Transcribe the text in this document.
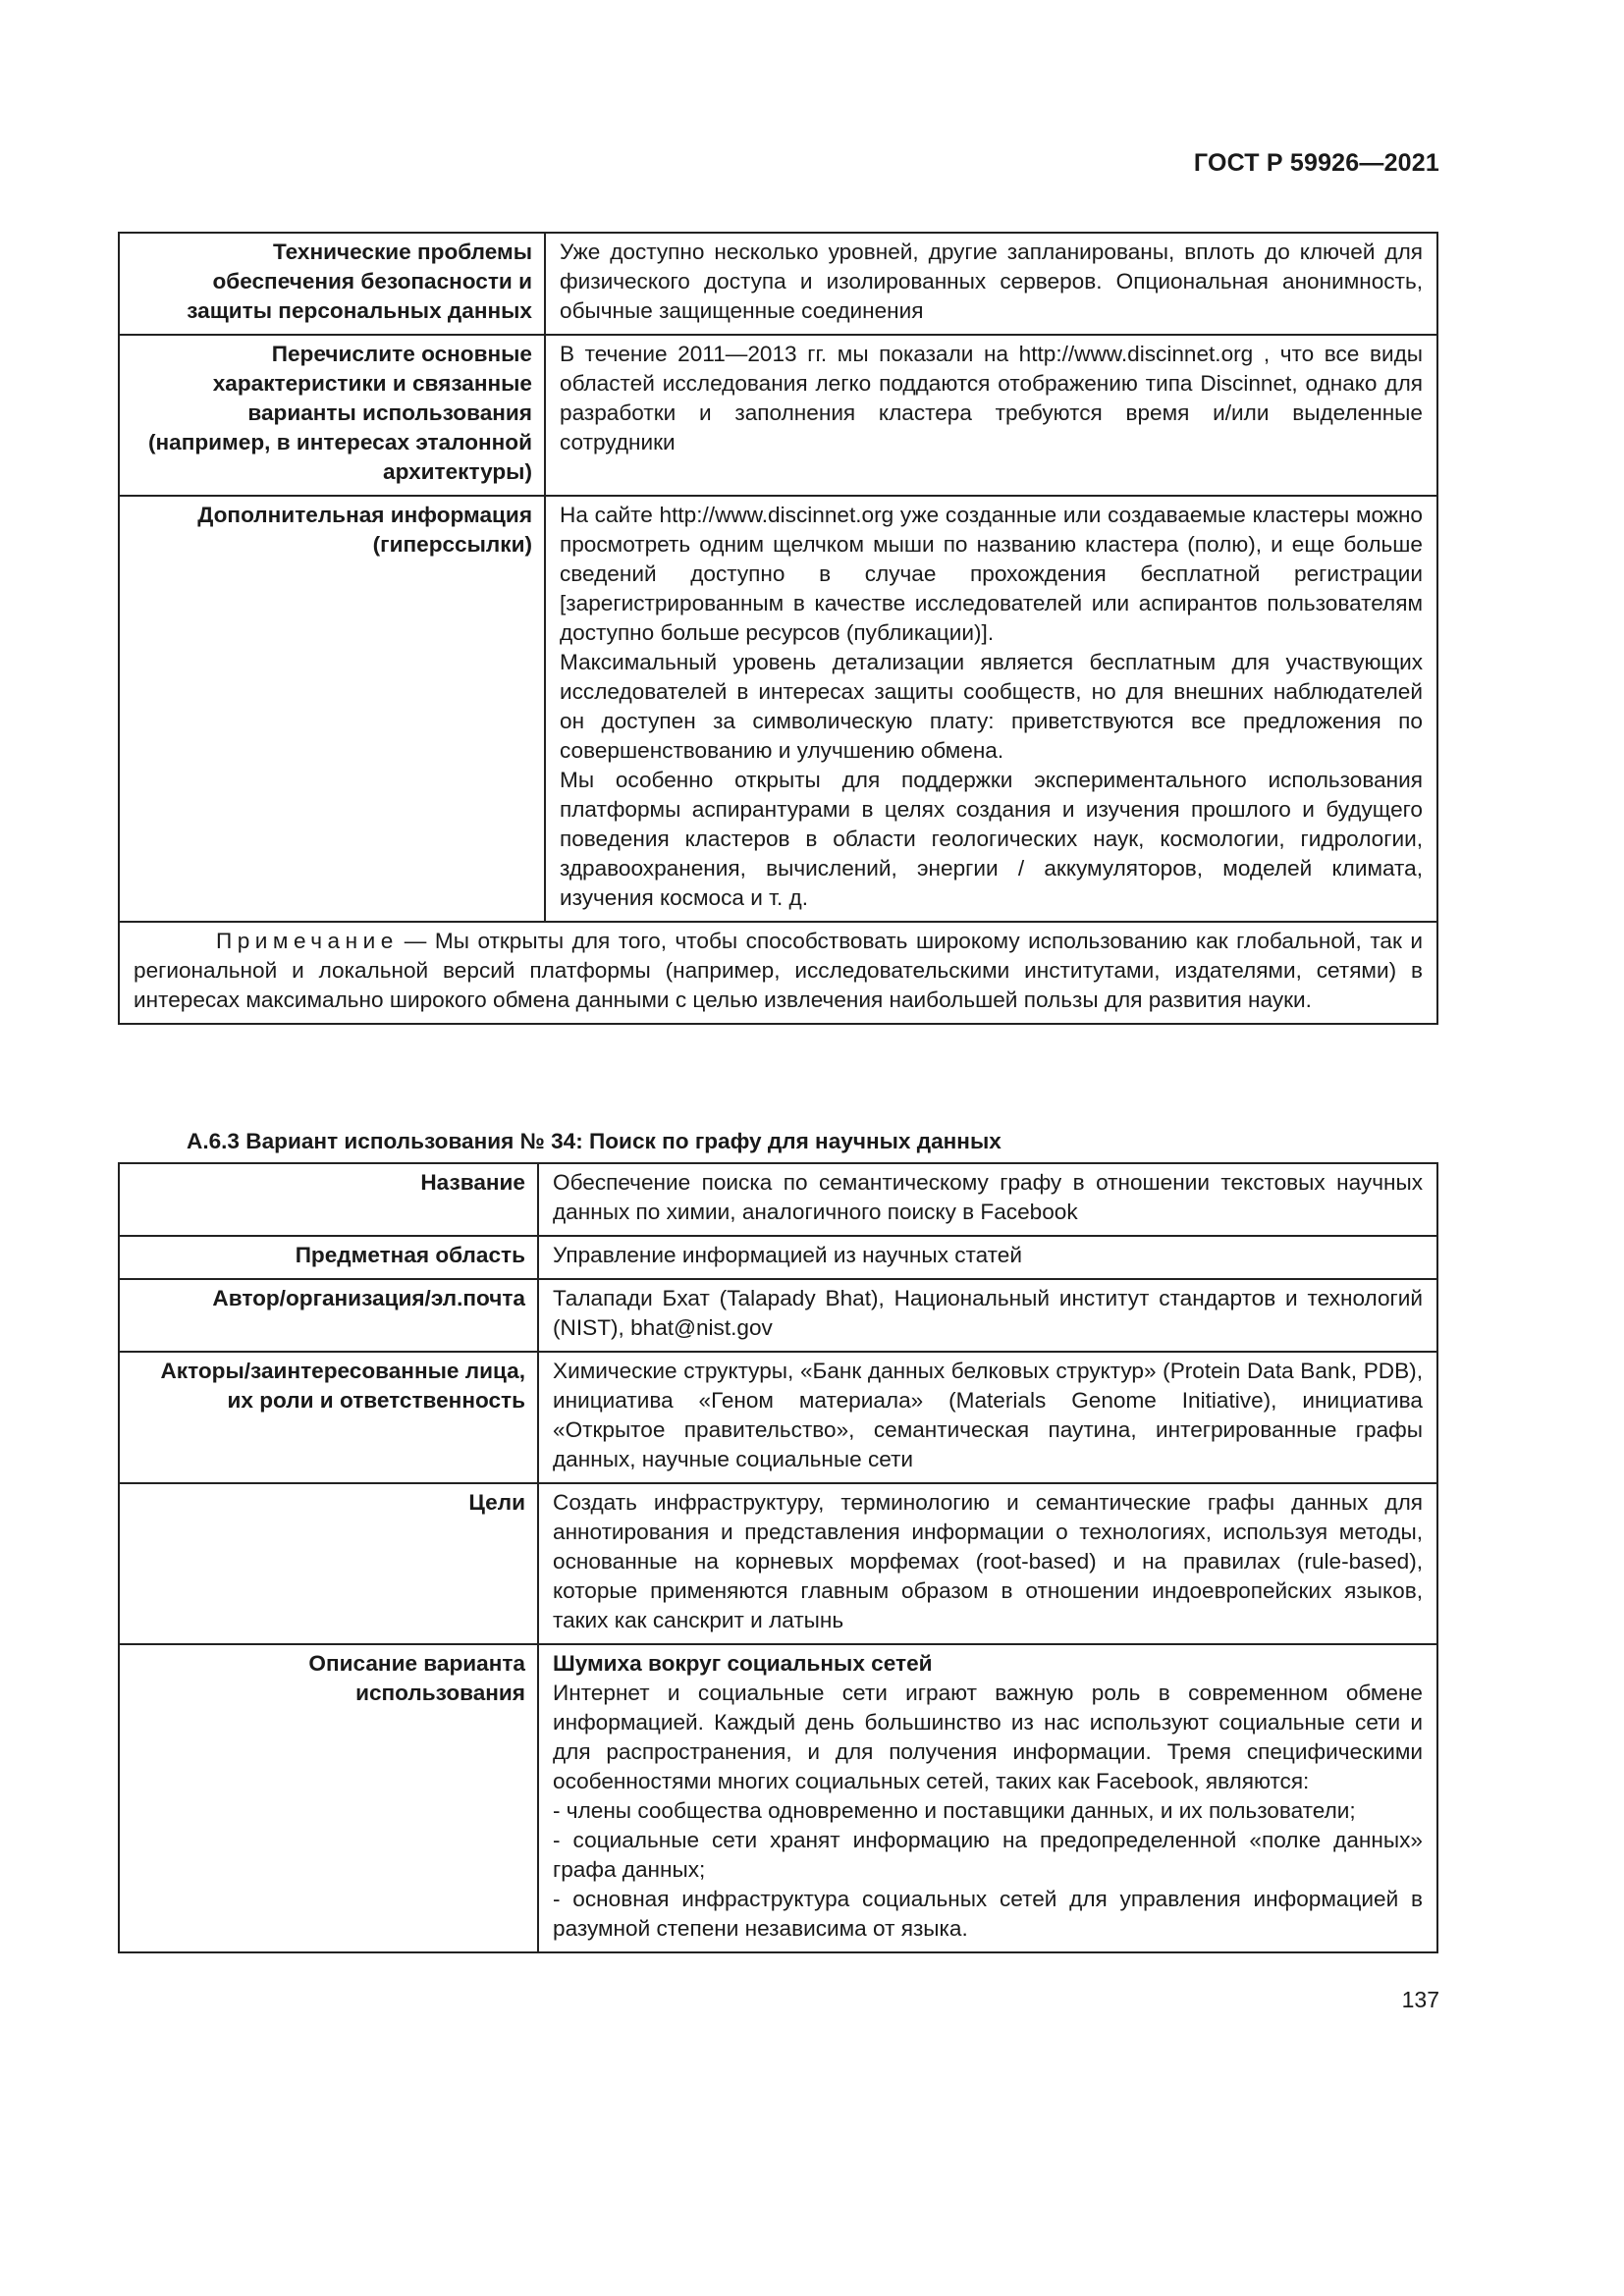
ГОСТ Р 59926—2021
Технические проблемы обеспечения безопасности и защиты персональных данных	Уже доступно несколько уровней, другие запланированы, вплоть до ключей для физического доступа и изолированных серверов. Опциональная анонимность, обычные защищенные соединения
Перечислите основные характеристики и связанные варианты использования (например, в интересах эталонной архитектуры)	В течение 2011—2013 гг. мы показали на http://www.discinnet.org , что все виды областей исследования легко поддаются отображению типа Discinnet, однако для разработки и заполнения кластера требуются время и/или выделенные сотрудники
Дополнительная информация (гиперссылки)	На сайте http://www.discinnet.org уже созданные или создаваемые кластеры можно просмотреть одним щелчком мыши по названию кластера (полю), и еще больше сведений доступно в случае прохождения бесплатной регистрации [зарегистрированным в качестве исследователей или аспирантов пользователям доступно больше ресурсов (публикации)].
Максимальный уровень детализации является бесплатным для участвующих исследователей в интересах защиты сообществ, но для внешних наблюдателей он доступен за символическую плату: приветствуются все предложения по совершенствованию и улучшению обмена.
Мы особенно открыты для поддержки экспериментального использования платформы аспирантурами в целях создания и изучения прошлого и будущего поведения кластеров в области геологических наук, космологии, гидрологии, здравоохранения, вычислений, энергии / аккумуляторов, моделей климата, изучения космоса и т. д.

Примечание — Мы открыты для того, чтобы способствовать широкому использованию как глобальной, так и региональной и локальной версий платформы (например, исследовательскими институтами, издателями, сетями) в интересах максимально широкого обмена данными с целью извлечения наибольшей пользы для развития науки.	
А.6.3 Вариант использования № 34: Поиск по графу для научных данных
Название	Обеспечение поиска по семантическому графу в отношении текстовых научных данных по химии, аналогичного поиску в Facebook
Предметная область	Управление информацией из научных статей
Автор/организация/эл.почта	Талапади Бхат (Talapady Bhat), Национальный институт стандартов и технологий (NIST), bhat@nist.gov
Акторы/заинтересованные лица, их роли и ответственность	Химические структуры, «Банк данных белковых структур» (Protein Data Bank, PDB), инициатива «Геном материала» (Materials Genome Initiative), инициатива «Открытое правительство», семантическая паутина, интегрированные графы данных, научные социальные сети
Цели	Создать инфраструктуру, терминологию и семантические графы данных для аннотирования и представления информации о технологиях, используя методы, основанные на корневых морфемах (root-based) и на правилах (rule-based), которые применяются главным образом в отношении индоевропейских языков, таких как санскрит и латынь
Описание варианта использования	Шумиха вокруг социальных сетей
Интернет и социальные сети играют важную роль в современном обмене информацией. Каждый день большинство из нас используют социальные сети и для распространения, и для получения информации. Тремя специфическими особенностями многих социальных сетей, таких как Facebook, являются:
- члены сообщества одновременно и поставщики данных, и их пользователи;
- социальные сети хранят информацию на предопределенной «полке данных» графа данных;
- основная инфраструктура социальных сетей для управления информацией в разумной степени независима от языка.
137
